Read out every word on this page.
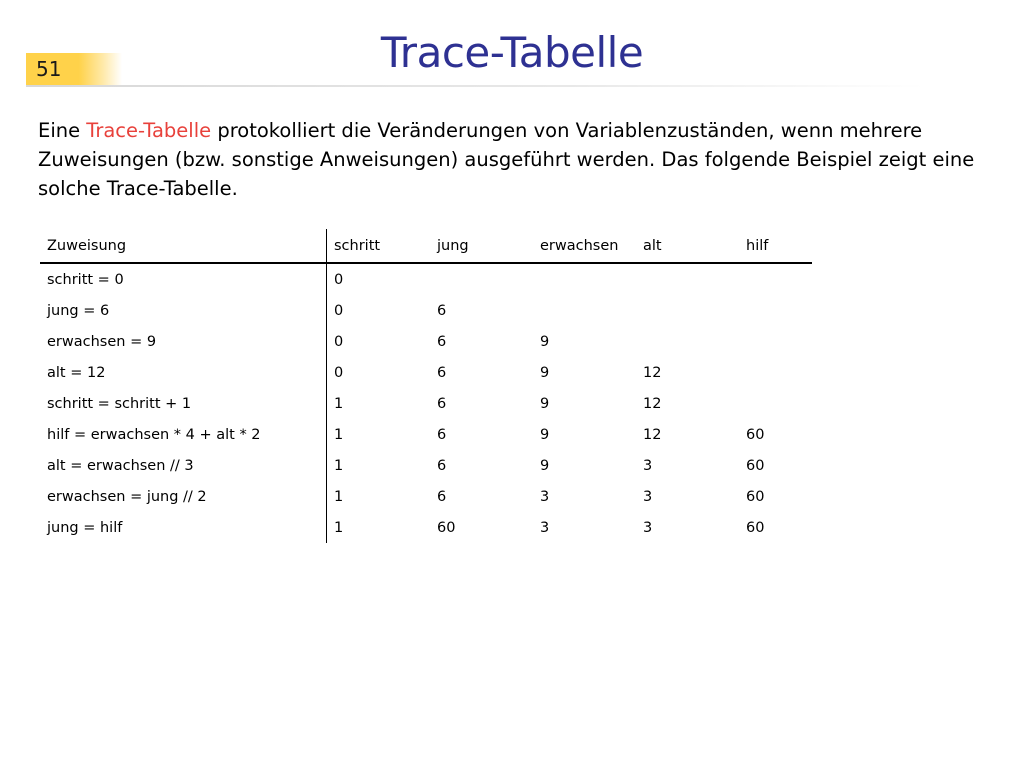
51	Trace-Tabelle

Eine Trace-Tabelle protokolliert die Veränderungen von Variablenzuständen, wenn mehrere Zuweisungen (bzw. sonstige Anweisungen) ausgeführt werden. Das folgende Beispiel zeigt eine solche Trace-Tabelle.

Zuweisung	schritt	jung	erwachsen	alt	hilf
schritt = 0	0				
jung = 6	0	6			
erwachsen = 9	0	6	9		
alt = 12	0	6	9	12	
schritt = schritt + 1	1	6	9	12	
hilf = erwachsen * 4 + alt * 2	1	6	9	12	60
alt = erwachsen // 3	1	6	9	3	60
erwachsen = jung // 2	1	6	3	3	60
jung = hilf	1	60	3	3	60
